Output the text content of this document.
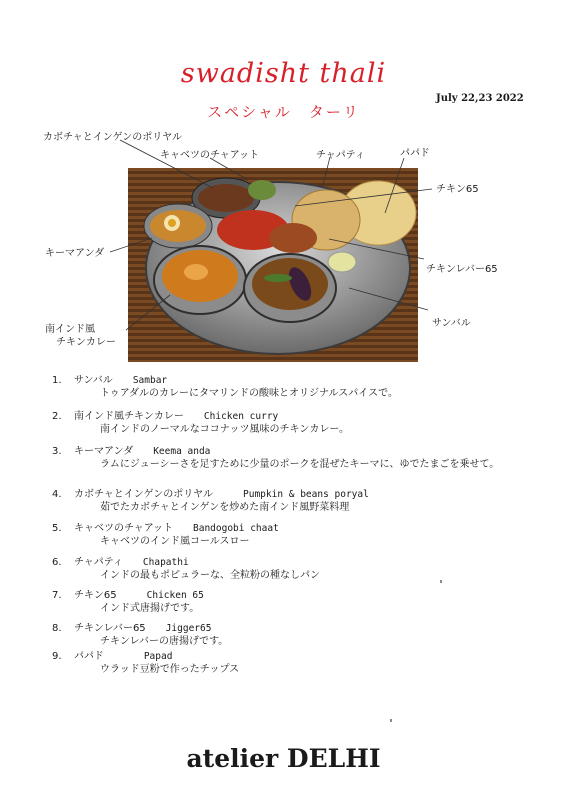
swadisht thali
スペシャル　ターリ
July 22,23 2022
カボチャとインゲンのポリヤル
キャベツのチャアット	チャパティ	パパド
チキン65
キーマアンダ
チキンレバー65
南インド風
チキンカレー
サンバル
1. サンバル　　 Sambar
トゥアダルのカレーにタマリンドの酸味とオリジナルスパイスで。
2. 南インド風チキンカレー　　 Chicken curry
南インドのノーマルなココナッツ風味のチキンカレー。
3. キーマアンダ　　 Keema anda
ラムにジューシーさを足すために少量のポークを混ぜたキーマに、ゆでたまごを乗せて。
4. カボチャとインゲンのポリヤル　　　	Pumpkin & beans poryal
茹でたカボチャとインゲンを炒めた南インド風野菜料理
5. キャベツのチャアット　　 Bandogobi chaat
キャベツのインド風コールスロー
6. チャパティ　　 Chapathi
インドの最もポピュラーな、全粒粉の種なしパン
7. チキン65　　　	Chicken 65
インド式唐揚げです。
8. チキンレバー65　　 Jigger65
チキンレバーの唐揚げです。
9. パパド　　　　	Papad
ウラッド豆粉で作ったチップス
atelier DELHI
